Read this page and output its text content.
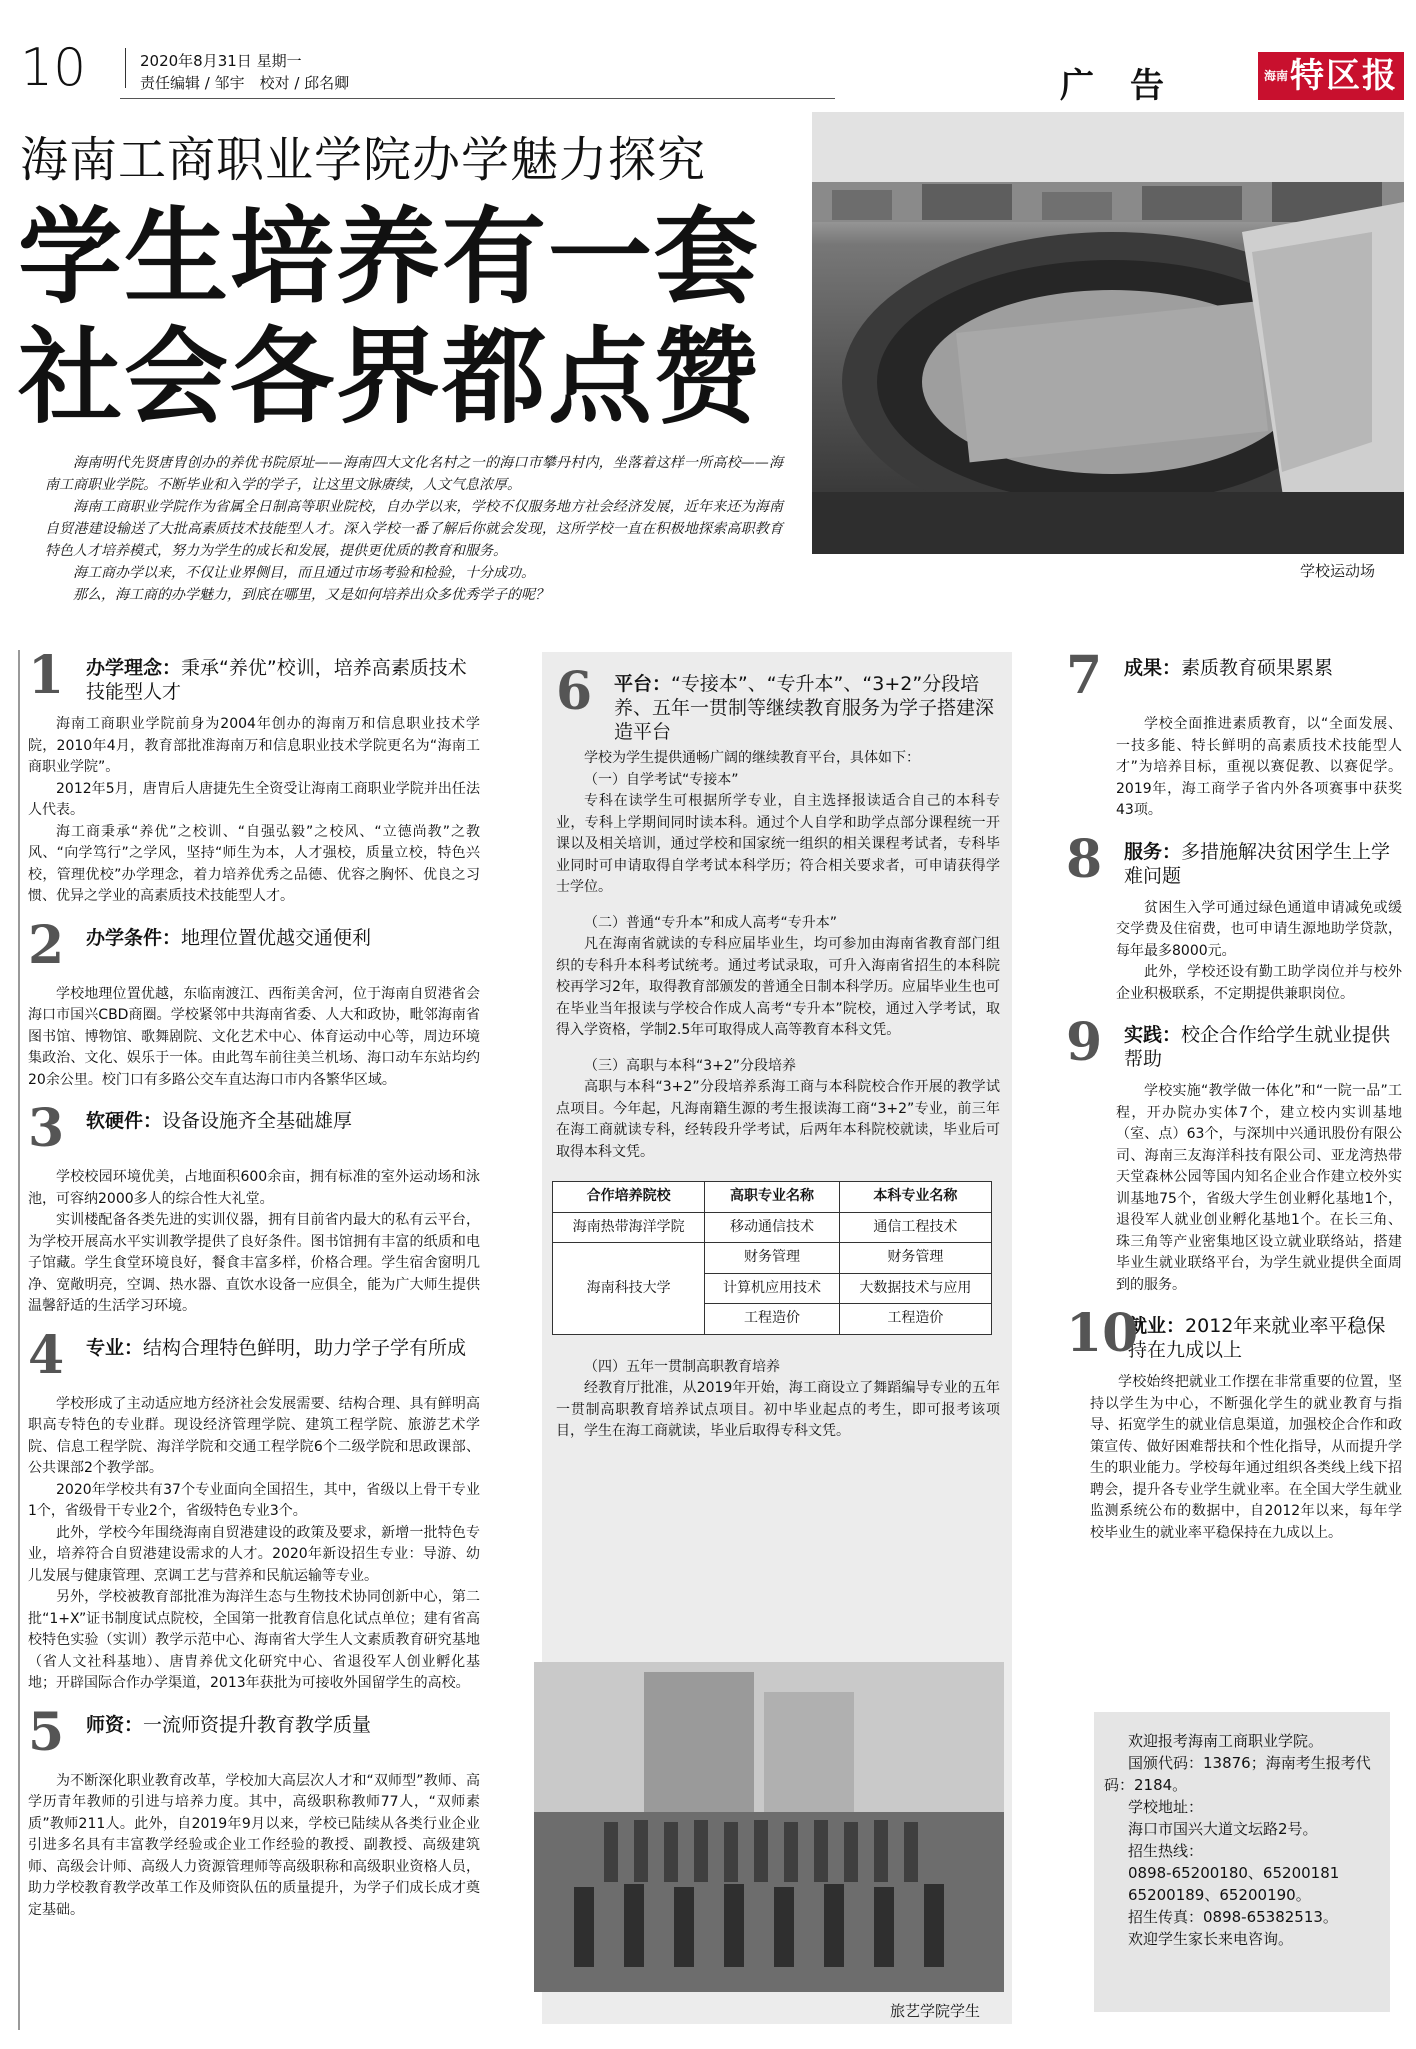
10	2020年8月31日 星期一
责任编辑 / 邹宇　校对 / 邱名卿	广告	$^{海南}$特区报
海南工商职业学院办学魅力探究
学生培养有一套
社会各界都点赞
学校运动场

海南明代先贤唐胄创办的养优书院原址——海南四大文化名村之一的海口市攀丹村内，坐落着这样一所高校——海南工商职业学院。不断毕业和入学的学子，让这里文脉赓续，人文气息浓厚。

海南工商职业学院作为省属全日制高等职业院校，自办学以来，学校不仅服务地方社会经济发展，近年来还为海南自贸港建设输送了大批高素质技术技能型人才。深入学校一番了解后你就会发现，这所学校一直在积极地探索高职教育特色人才培养模式，努力为学生的成长和发展，提供更优质的教育和服务。

海工商办学以来，不仅让业界侧目，而且通过市场考验和检验，十分成功。

那么，海工商的办学魅力，到底在哪里，又是如何培养出众多优秀学子的呢？

1 办学理念：秉承“养优”校训，培养高素质技术技能型人才

海南工商职业学院前身为2004年创办的海南万和信息职业技术学院，2010年4月，教育部批准海南万和信息职业技术学院更名为“海南工商职业学院”。

2012年5月，唐胄后人唐捷先生全资受让海南工商职业学院并出任法人代表。

海工商秉承“养优”之校训、“自强弘毅”之校风、“立德尚教”之教风、“向学笃行”之学风，坚持“师生为本，人才强校，质量立校，特色兴校，管理优校”办学理念，着力培养优秀之品德、优容之胸怀、优良之习惯、优异之学业的高素质技术技能型人才。

2 办学条件：地理位置优越交通便利

学校地理位置优越，东临南渡江、西衔美舍河，位于海南自贸港省会海口市国兴CBD商圈。学校紧邻中共海南省委、人大和政协，毗邻海南省图书馆、博物馆、歌舞剧院、文化艺术中心、体育运动中心等，周边环境集政治、文化、娱乐于一体。由此驾车前往美兰机场、海口动车东站均约20余公里。校门口有多路公交车直达海口市内各繁华区域。

3 软硬件：设备设施齐全基础雄厚

学校校园环境优美，占地面积600余亩，拥有标准的室外运动场和泳池，可容纳2000多人的综合性大礼堂。

实训楼配备各类先进的实训仪器，拥有目前省内最大的私有云平台，为学校开展高水平实训教学提供了良好条件。图书馆拥有丰富的纸质和电子馆藏。学生食堂环境良好，餐食丰富多样，价格合理。学生宿舍窗明几净、宽敞明亮，空调、热水器、直饮水设备一应俱全，能为广大师生提供温馨舒适的生活学习环境。

4 专业：结构合理特色鲜明，助力学子学有所成

学校形成了主动适应地方经济社会发展需要、结构合理、具有鲜明高职高专特色的专业群。现设经济管理学院、建筑工程学院、旅游艺术学院、信息工程学院、海洋学院和交通工程学院6个二级学院和思政课部、公共课部2个教学部。

2020年学校共有37个专业面向全国招生，其中，省级以上骨干专业1个，省级骨干专业2个，省级特色专业3个。

此外，学校今年围绕海南自贸港建设的政策及要求，新增一批特色专业，培养符合自贸港建设需求的人才。2020年新设招生专业：导游、幼儿发展与健康管理、烹调工艺与营养和民航运输等专业。

另外，学校被教育部批准为海洋生态与生物技术协同创新中心，第二批“1+X”证书制度试点院校，全国第一批教育信息化试点单位；建有省高校特色实验（实训）教学示范中心、海南省大学生人文素质教育研究基地（省人文社科基地）、唐胄养优文化研究中心、省退役军人创业孵化基地；开辟国际合作办学渠道，2013年获批为可接收外国留学生的高校。

5 师资：一流师资提升教育教学质量

为不断深化职业教育改革，学校加大高层次人才和“双师型”教师、高学历青年教师的引进与培养力度。其中，高级职称教师77人，“双师素质”教师211人。此外，自2019年9月以来，学校已陆续从各类行业企业引进多名具有丰富教学经验或企业工作经验的教授、副教授、高级建筑师、高级会计师、高级人力资源管理师等高级职称和高级职业资格人员，助力学校教育教学改革工作及师资队伍的质量提升，为学子们成长成才奠定基础。

6 平台：“专接本”、“专升本”、“3+2”分段培养、五年一贯制等继续教育服务为学子搭建深造平台

学校为学生提供通畅广阔的继续教育平台，具体如下：

（一）自学考试“专接本”

专科在读学生可根据所学专业，自主选择报读适合自己的本科专业，专科上学期间同时读本科。通过个人自学和助学点部分课程统一开课以及相关培训，通过学校和国家统一组织的相关课程考试者，专科毕业同时可申请取得自学考试本科学历；符合相关要求者，可申请获得学士学位。

（二）普通“专升本”和成人高考“专升本”

凡在海南省就读的专科应届毕业生，均可参加由海南省教育部门组织的专科升本科考试统考。通过考试录取，可升入海南省招生的本科院校再学习2年，取得教育部颁发的普通全日制本科学历。应届毕业生也可在毕业当年报读与学校合作成人高考“专升本”院校，通过入学考试，取得入学资格，学制2.5年可取得成人高等教育本科文凭。

（三）高职与本科“3+2”分段培养

高职与本科“3+2”分段培养系海工商与本科院校合作开展的教学试点项目。今年起，凡海南籍生源的考生报读海工商“3+2”专业，前三年在海工商就读专科，经转段升学考试，后两年本科院校就读，毕业后可取得本科文凭。

合作培养院校	高职专业名称	本科专业名称
海南热带海洋学院	移动通信技术	通信工程技术
海南科技大学	财务管理	财务管理
	计算机应用技术	大数据技术与应用
	工程造价	工程造价

（四）五年一贯制高职教育培养

经教育厅批准，从2019年开始，海工商设立了舞蹈编导专业的五年一贯制高职教育培养试点项目。初中毕业起点的考生，即可报考该项目，学生在海工商就读，毕业后取得专科文凭。

旅艺学院学生
7 成果：素质教育硕果累累

学校全面推进素质教育，以“全面发展、一技多能、特长鲜明的高素质技术技能型人才”为培养目标，重视以赛促教、以赛促学。2019年，海工商学子省内外各项赛事中获奖43项。

8 服务：多措施解决贫困学生上学难问题

贫困生入学可通过绿色通道申请减免或缓交学费及住宿费，也可申请生源地助学贷款，每年最多8000元。

此外，学校还设有勤工助学岗位并与校外企业积极联系，不定期提供兼职岗位。

9 实践：校企合作给学生就业提供帮助

学校实施“教学做一体化”和“一院一品”工程，开办院办实体7个，建立校内实训基地（室、点）63个，与深圳中兴通讯股份有限公司、海南三友海洋科技有限公司、亚龙湾热带天堂森林公园等国内知名企业合作建立校外实训基地75个，省级大学生创业孵化基地1个，退役军人就业创业孵化基地1个。在长三角、珠三角等产业密集地区设立就业联络站，搭建毕业生就业联络平台，为学生就业提供全面周到的服务。

10
就业：2012年来就业率平稳保持在九成以上

学校始终把就业工作摆在非常重要的位置，坚持以学生为中心，不断强化学生的就业教育与指导、拓宽学生的就业信息渠道，加强校企合作和政策宣传、做好困难帮扶和个性化指导，从而提升学生的职业能力。学校每年通过组织各类线上线下招聘会，提升各专业学生就业率。在全国大学生就业监测系统公布的数据中，自2012年以来，每年学校毕业生的就业率平稳保持在九成以上。

欢迎报考海南工商职业学院。

国颁代码：13876；海南考生报考代码：2184。

学校地址：

海口市国兴大道文坛路2号。

招生热线：

0898-65200180、65200181

65200189、65200190。

招生传真：0898-65382513。

欢迎学生家长来电咨询。
